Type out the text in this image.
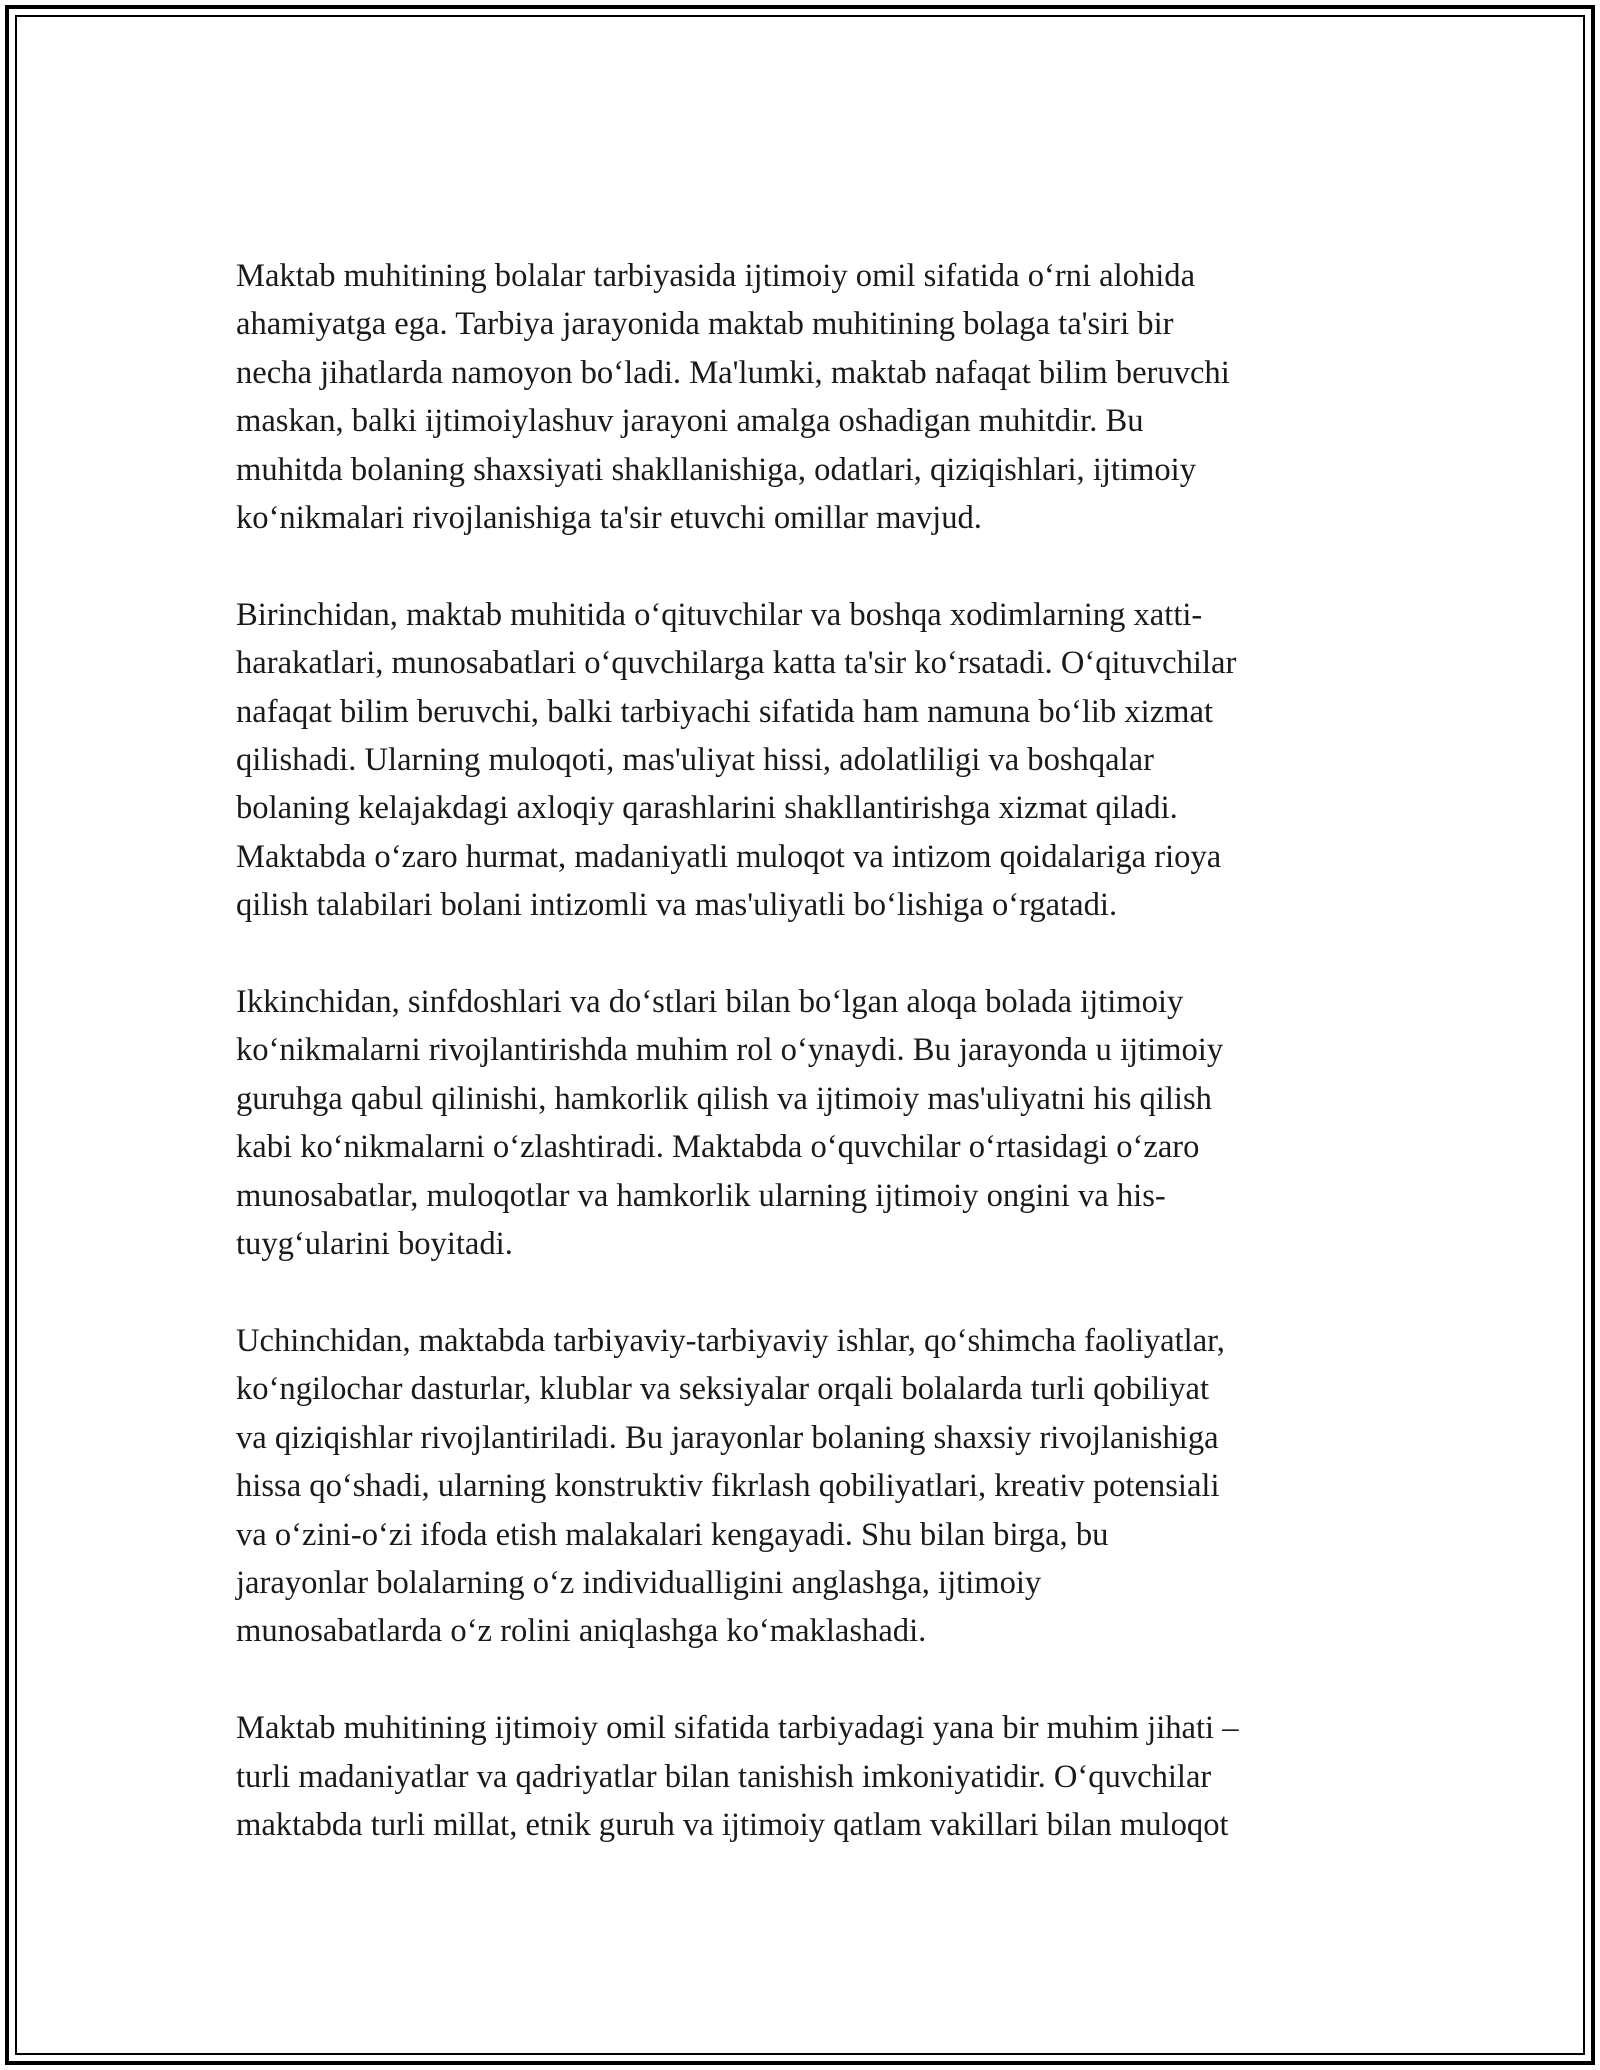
Maktab muhitining bolalar tarbiyasida ijtimoiy omil sifatida oʻrni alohida
ahamiyatga ega. Tarbiya jarayonida maktab muhitining bolaga ta'siri bir
necha jihatlarda namoyon boʻladi. Ma'lumki, maktab nafaqat bilim beruvchi
maskan, balki ijtimoiylashuv jarayoni amalga oshadigan muhitdir. Bu
muhitda bolaning shaxsiyati shakllanishiga, odatlari, qiziqishlari, ijtimoiy
koʻnikmalari rivojlanishiga ta'sir etuvchi omillar mavjud.
Birinchidan, maktab muhitida oʻqituvchilar va boshqa xodimlarning xatti-
harakatlari, munosabatlari oʻquvchilarga katta ta'sir koʻrsatadi. Oʻqituvchilar
nafaqat bilim beruvchi, balki tarbiyachi sifatida ham namuna boʻlib xizmat
qilishadi. Ularning muloqoti, mas'uliyat hissi, adolatliligi va boshqalar
bolaning kelajakdagi axloqiy qarashlarini shakllantirishga xizmat qiladi.
Maktabda oʻzaro hurmat, madaniyatli muloqot va intizom qoidalariga rioya
qilish talabilari bolani intizomli va mas'uliyatli boʻlishiga oʻrgatadi.
Ikkinchidan, sinfdoshlari va doʻstlari bilan boʻlgan aloqa bolada ijtimoiy
koʻnikmalarni rivojlantirishda muhim rol oʻynaydi. Bu jarayonda u ijtimoiy
guruhga qabul qilinishi, hamkorlik qilish va ijtimoiy mas'uliyatni his qilish
kabi koʻnikmalarni oʻzlashtiradi. Maktabda oʻquvchilar oʻrtasidagi oʻzaro
munosabatlar, muloqotlar va hamkorlik ularning ijtimoiy ongini va his-
tuygʻularini boyitadi.
Uchinchidan, maktabda tarbiyaviy-tarbiyaviy ishlar, qoʻshimcha faoliyatlar,
koʻngilochar dasturlar, klublar va seksiyalar orqali bolalarda turli qobiliyat
va qiziqishlar rivojlantiriladi. Bu jarayonlar bolaning shaxsiy rivojlanishiga
hissa qoʻshadi, ularning konstruktiv fikrlash qobiliyatlari, kreativ potensiali
va oʻzini-oʻzi ifoda etish malakalari kengayadi. Shu bilan birga, bu
jarayonlar bolalarning oʻz individualligini anglashga, ijtimoiy
munosabatlarda oʻz rolini aniqlashga koʻmaklashadi.
Maktab muhitining ijtimoiy omil sifatida tarbiyadagi yana bir muhim jihati –
turli madaniyatlar va qadriyatlar bilan tanishish imkoniyatidir. Oʻquvchilar
maktabda turli millat, etnik guruh va ijtimoiy qatlam vakillari bilan muloqot
